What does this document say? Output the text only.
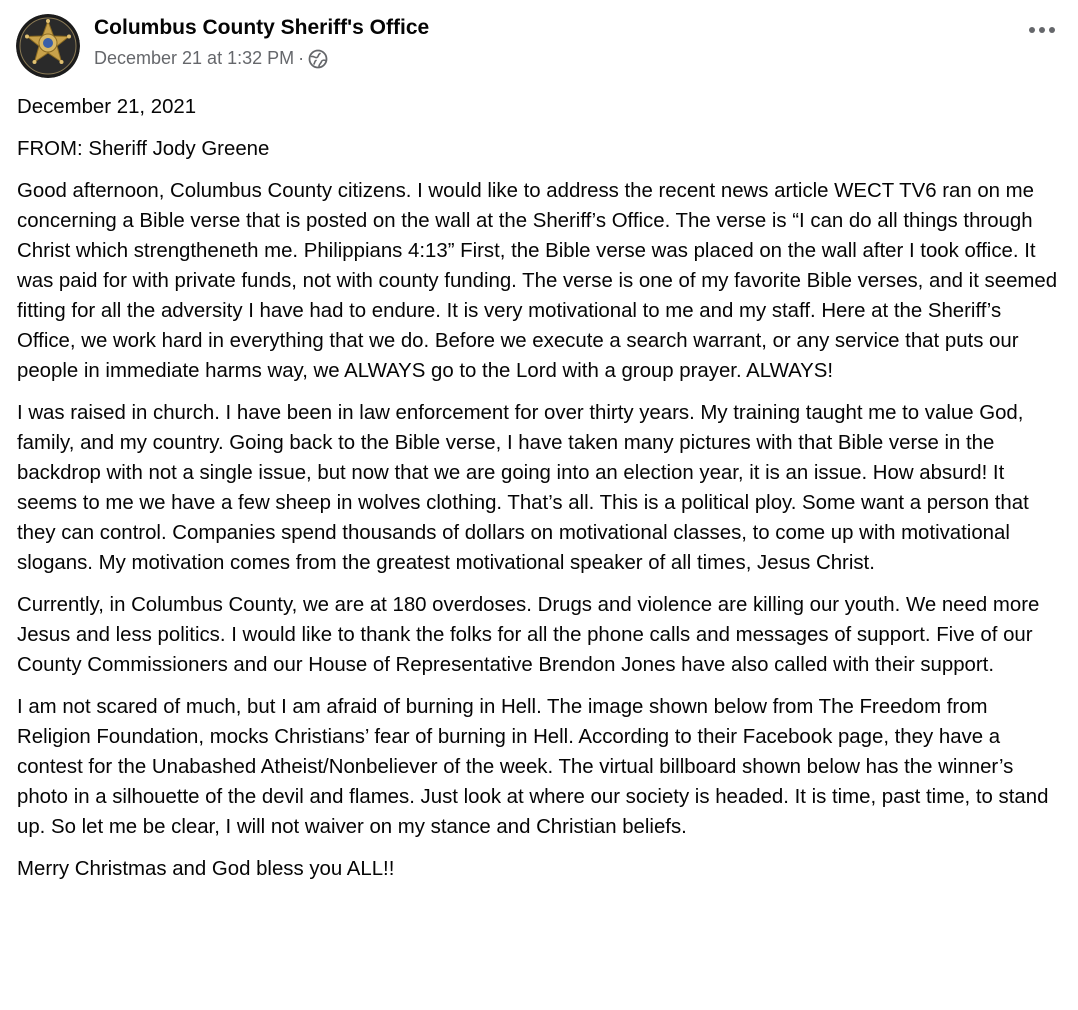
Columbus County Sheriff's Office
December 21 at 1:32 PM ·

December 21, 2021

FROM: Sheriff Jody Greene

Good afternoon, Columbus County citizens. I would like to address the recent news article WECT TV6 ran on me concerning a Bible verse that is posted on the wall at the Sheriff’s Office. The verse is “I can do all things through Christ which strengtheneth me. Philippians 4:13” First, the Bible verse was placed on the wall after I took office. It was paid for with private funds, not with county funding. The verse is one of my favorite Bible verses, and it seemed fitting for all the adversity I have had to endure. It is very motivational to me and my staff. Here at the Sheriff’s Office, we work hard in everything that we do. Before we execute a search warrant, or any service that puts our people in immediate harms way, we ALWAYS go to the Lord with a group prayer. ALWAYS!

I was raised in church. I have been in law enforcement for over thirty years. My training taught me to value God, family, and my country. Going back to the Bible verse, I have taken many pictures with that Bible verse in the backdrop with not a single issue, but now that we are going into an election year, it is an issue. How absurd! It seems to me we have a few sheep in wolves clothing. That’s all. This is a political ploy. Some want a person that they can control. Companies spend thousands of dollars on motivational classes, to come up with motivational slogans. My motivation comes from the greatest motivational speaker of all times, Jesus Christ.

Currently, in Columbus County, we are at 180 overdoses. Drugs and violence are killing our youth. We need more Jesus and less politics. I would like to thank the folks for all the phone calls and messages of support. Five of our County Commissioners and our House of Representative Brendon Jones have also called with their support.

I am not scared of much, but I am afraid of burning in Hell. The image shown below from The Freedom from Religion Foundation, mocks Christians’ fear of burning in Hell. According to their Facebook page, they have a contest for the Unabashed Atheist/Nonbeliever of the week. The virtual billboard shown below has the winner’s photo in a silhouette of the devil and flames. Just look at where our society is headed. It is time, past time, to stand up. So let me be clear, I will not waiver on my stance and Christian beliefs.

Merry Christmas and God bless you ALL!!
